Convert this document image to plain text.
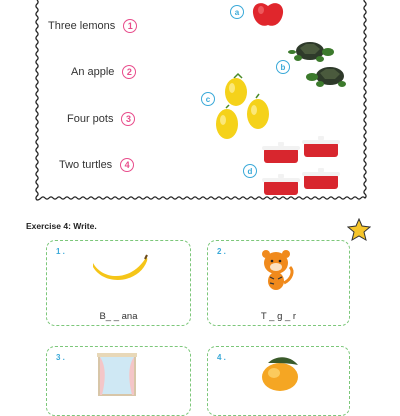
Three lemons	1
An apple	2
Four pots	3
Two turtles	4
a
b
c
d
Exercise 4: Write.
1 .
B_ _ ana
2 .
T _ g _ r
3 .	4 .
